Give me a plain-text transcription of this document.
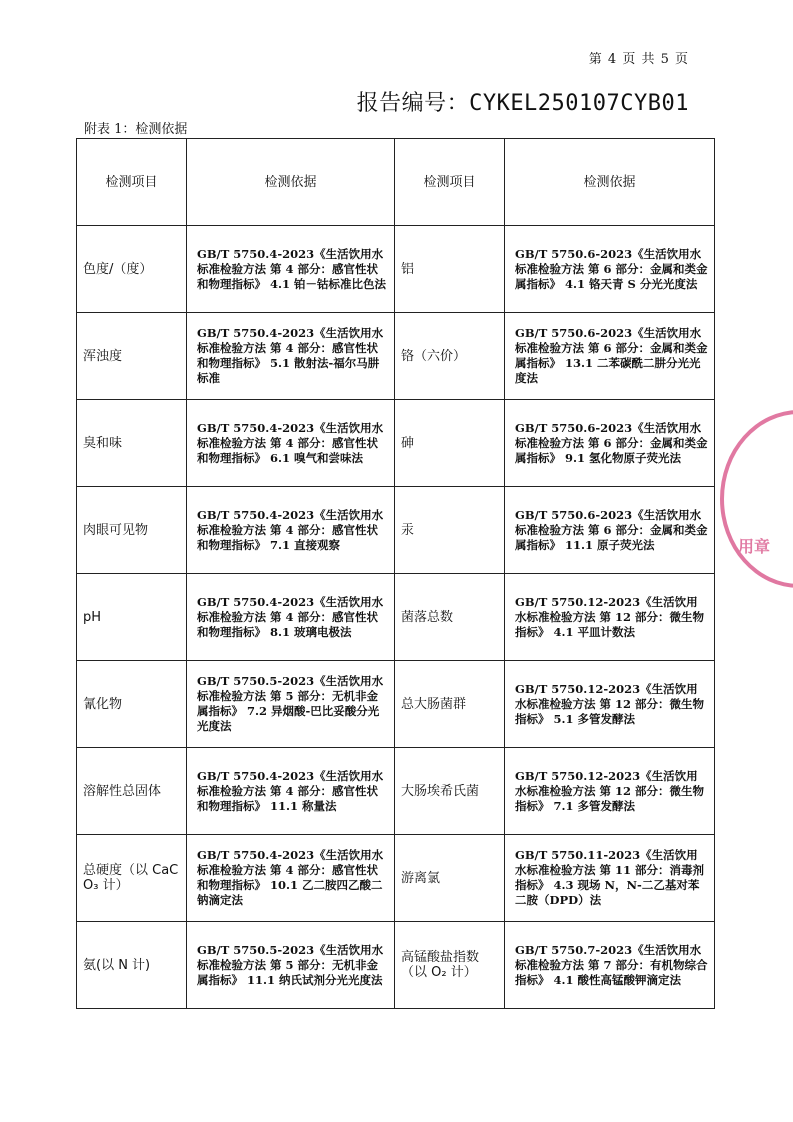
第 4 页 共 5 页
报告编号：CYKEL250107CYB01
附表 1：检测依据
检测项目	检测依据	检测项目	检测依据
色度/（度）	GB/T 5750.4-2023《生活饮用水标准检验方法 第 4 部分：感官性状和物理指标》 4.1 铂－钴标准比色法	铝	GB/T 5750.6-2023《生活饮用水标准检验方法 第 6 部分：金属和类金属指标》 4.1 铬天青 S 分光光度法
浑浊度	GB/T 5750.4-2023《生活饮用水标准检验方法 第 4 部分：感官性状和物理指标》 5.1 散射法-福尔马肼标准	铬（六价）	GB/T 5750.6-2023《生活饮用水标准检验方法 第 6 部分：金属和类金属指标》 13.1 二苯碳酰二肼分光光度法
臭和味	GB/T 5750.4-2023《生活饮用水标准检验方法 第 4 部分：感官性状和物理指标》 6.1 嗅气和尝味法	砷	GB/T 5750.6-2023《生活饮用水标准检验方法 第 6 部分：金属和类金属指标》 9.1 氢化物原子荧光法
肉眼可见物	GB/T 5750.4-2023《生活饮用水标准检验方法 第 4 部分：感官性状和物理指标》 7.1 直接观察	汞	GB/T 5750.6-2023《生活饮用水标准检验方法 第 6 部分：金属和类金属指标》 11.1 原子荧光法
pH	GB/T 5750.4-2023《生活饮用水标准检验方法 第 4 部分：感官性状和物理指标》 8.1 玻璃电极法	菌落总数	GB/T 5750.12-2023《生活饮用水标准检验方法 第 12 部分：微生物指标》 4.1 平皿计数法
氰化物	GB/T 5750.5-2023《生活饮用水标准检验方法 第 5 部分：无机非金属指标》 7.2 异烟酸-巴比妥酸分光光度法	总大肠菌群	GB/T 5750.12-2023《生活饮用水标准检验方法 第 12 部分：微生物指标》 5.1 多管发酵法
溶解性总固体	GB/T 5750.4-2023《生活饮用水标准检验方法 第 4 部分：感官性状和物理指标》 11.1 称量法	大肠埃希氏菌	GB/T 5750.12-2023《生活饮用水标准检验方法 第 12 部分：微生物指标》 7.1 多管发酵法
总硬度（以 CaCO₃ 计）	GB/T 5750.4-2023《生活饮用水标准检验方法 第 4 部分：感官性状和物理指标》 10.1 乙二胺四乙酸二钠滴定法	游离氯	GB/T 5750.11-2023《生活饮用水标准检验方法 第 11 部分：消毒剂指标》 4.3 现场 N，N-二乙基对苯二胺（DPD）法
氨(以 N 计)	GB/T 5750.5-2023《生活饮用水标准检验方法 第 5 部分：无机非金属指标》 11.1 纳氏试剂分光光度法	高锰酸盐指数（以 O₂ 计）	GB/T 5750.7-2023《生活饮用水标准检验方法 第 7 部分：有机物综合指标》 4.1 酸性高锰酸钾滴定法
用章
